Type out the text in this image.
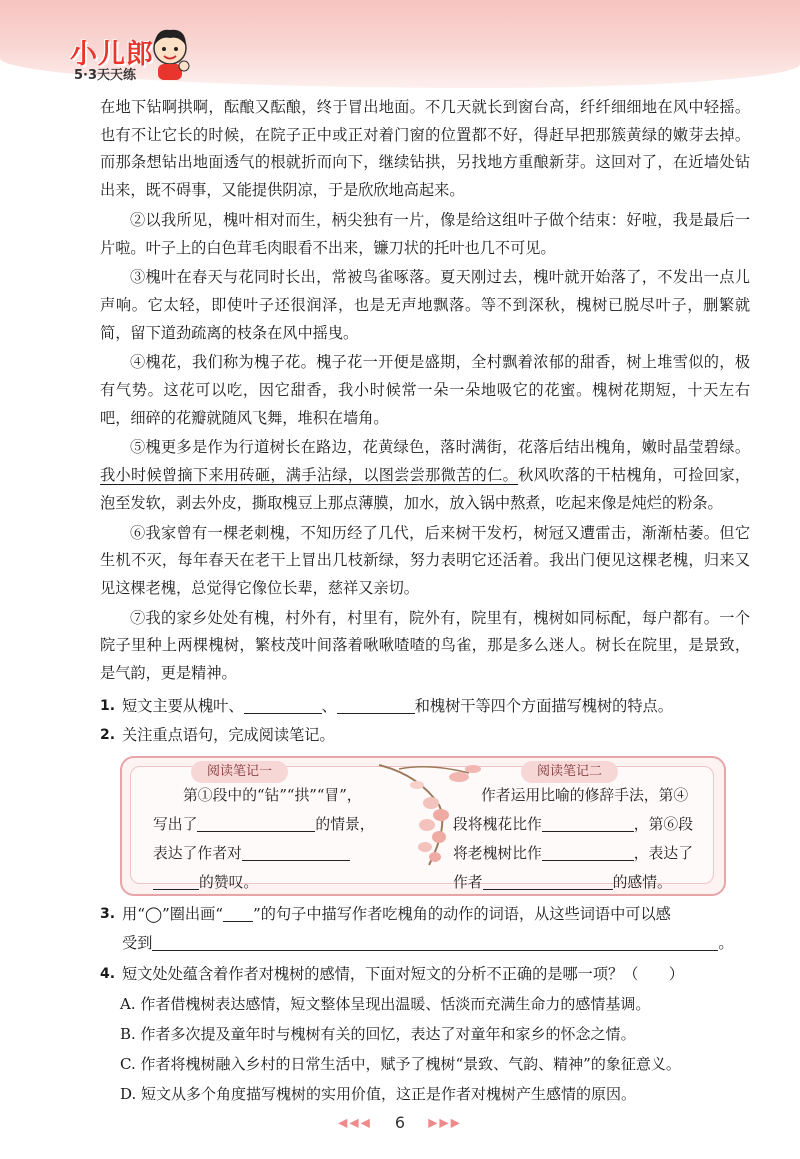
小儿郎
5·3天天练

在地下钻啊拱啊，酝酿又酝酿，终于冒出地面。不几天就长到窗台高，纤纤细细地在风中轻摇。也有不让它长的时候，在院子正中或正对着门窗的位置都不好，得赶早把那簇黄绿的嫩芽去掉。而那条想钻出地面透气的根就折而向下，继续钻拱，另找地方重酿新芽。这回对了，在近墙处钻出来，既不碍事，又能提供阴凉，于是欣欣地高起来。

②以我所见，槐叶相对而生，柄尖独有一片，像是给这组叶子做个结束：好啦，我是最后一片啦。叶子上的白色茸毛肉眼看不出来，镰刀状的托叶也几不可见。

③槐叶在春天与花同时长出，常被鸟雀啄落。夏天刚过去，槐叶就开始落了，不发出一点儿声响。它太轻，即使叶子还很润泽，也是无声地飘落。等不到深秋，槐树已脱尽叶子，删繁就简，留下道劲疏离的枝条在风中摇曳。

④槐花，我们称为槐子花。槐子花一开便是盛期，全村飘着浓郁的甜香，树上堆雪似的，极有气势。这花可以吃，因它甜香，我小时候常一朵一朵地吸它的花蜜。槐树花期短，十天左右吧，细碎的花瓣就随风飞舞，堆积在墙角。

⑤槐更多是作为行道树长在路边，花黄绿色，落时满街，花落后结出槐角，嫩时晶莹碧绿。我小时候曾摘下来用砖砸，满手沾绿，以图尝尝那微苦的仁。秋风吹落的干枯槐角，可捡回家，泡至发软，剥去外皮，撕取槐豆上那点薄膜，加水，放入锅中熬煮，吃起来像是炖烂的粉条。

⑥我家曾有一棵老刺槐，不知历经了几代，后来树干发朽，树冠又遭雷击，渐渐枯萎。但它生机不灭，每年春天在老干上冒出几枝新绿，努力表明它还活着。我出门便见这棵老槐，归来又见这棵老槐，总觉得它像位长辈，慈祥又亲切。

⑦我的家乡处处有槐，村外有，村里有，院外有，院里有，槐树如同标配，每户都有。一个院子里种上两棵槐树，繁枝茂叶间落着啾啾喳喳的鸟雀，那是多么迷人。树长在院里，是景致，是气韵，更是精神。

1. 短文主要从槐叶、	、	和槐树干等四个方面描写槐树的特点。

2. 关注重点语句，完成阅读笔记。

阅读笔记一	阅读笔记二
第①段中的“钻”“拱”“冒”，
写出了	的情景，
表达了作者对
的赞叹。
作者运用比喻的修辞手法，第④
段将槐花比作	，第⑥段
将老槐树比作	，表达了
作者	的感情。

3. 用“◯”圈出画“ ”的句子中描写作者吃槐角的动作的词语，从这些词语中可以感
受到	。

4. 短文处处蕴含着作者对槐树的感情，下面对短文的分析不正确的是哪一项？（　　）

A. 作者借槐树表达感情，短文整体呈现出温暖、恬淡而充满生命力的感情基调。

B. 作者多次提及童年时与槐树有关的回忆，表达了对童年和家乡的怀念之情。

C. 作者将槐树融入乡村的日常生活中，赋予了槐树“景致、气韵、精神”的象征意义。

D. 短文从多个角度描写槐树的实用价值，这正是作者对槐树产生感情的原因。

◀◀◀ 6 ▶▶▶
